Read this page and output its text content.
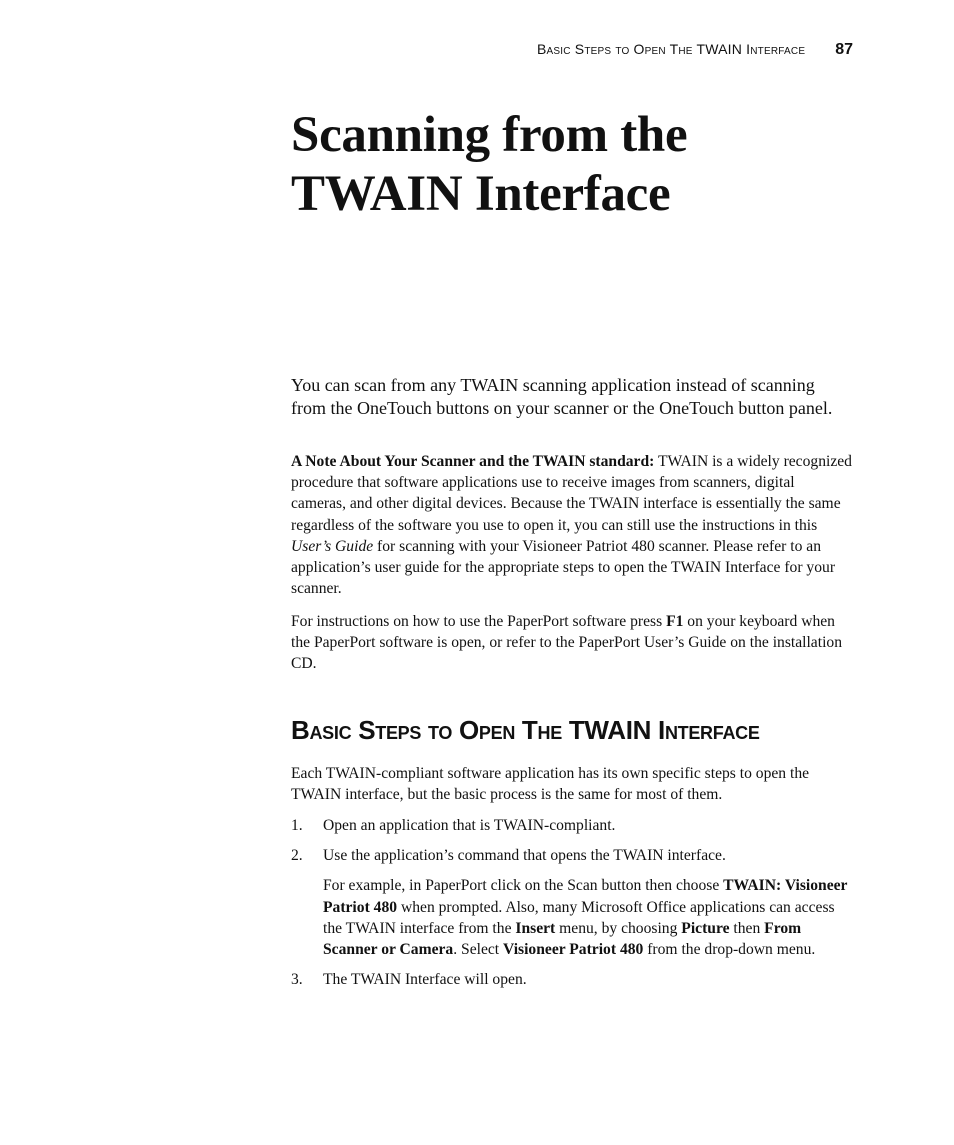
Basic Steps to Open The TWAIN Interface 87
Scanning from the
TWAIN Interface

You can scan from any TWAIN scanning application instead of scanning from the OneTouch buttons on your scanner or the OneTouch button panel.

A Note About Your Scanner and the TWAIN standard: TWAIN is a widely recognized procedure that software applications use to receive images from scanners, digital cameras, and other digital devices. Because the TWAIN interface is essentially the same regardless of the software you use to open it, you can still use the instructions in this User’s Guide for scanning with your Visioneer Patriot 480 scanner. Please refer to an application’s user guide for the appropriate steps to open the TWAIN Interface for your scanner.

For instructions on how to use the PaperPort software press F1 on your keyboard when the PaperPort software is open, or refer to the PaperPort User’s Guide on the installation CD.

Basic Steps to Open The TWAIN Interface

Each TWAIN-compliant software application has its own specific steps to open the TWAIN interface, but the basic process is the same for most of them.

1.	Open an application that is TWAIN-compliant.
2.	Use the application’s command that opens the TWAIN interface.

For example, in PaperPort click on the Scan button then choose TWAIN: Visioneer Patriot 480 when prompted. Also, many Microsoft Office applications can access the TWAIN interface from the Insert menu, by choosing Picture then From Scanner or Camera. Select Visioneer Patriot 480 from the drop-down menu.

3.	The TWAIN Interface will open.
